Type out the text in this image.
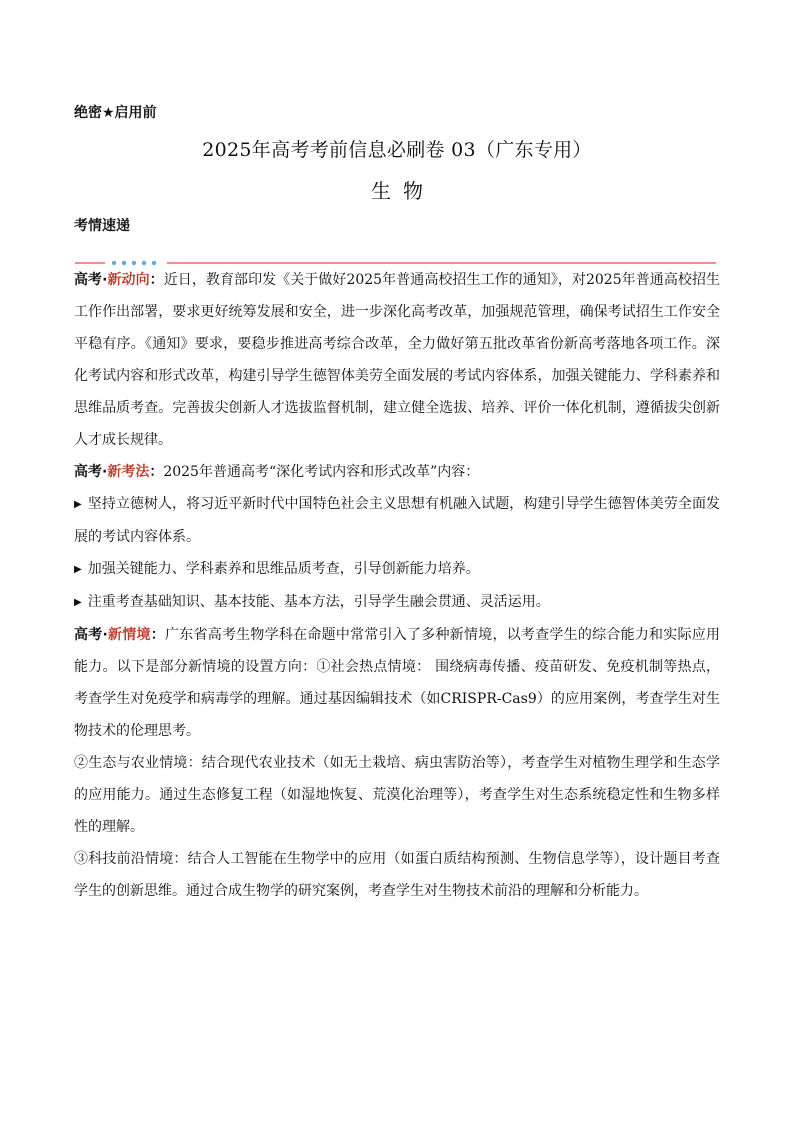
绝密★启用前
2025年高考考前信息必刷卷 03（广东专用）
生物
考情速递

高考·新动向：近日，教育部印发《关于做好2025年普通高校招生工作的通知》，对2025年普通高校招生工作作出部署，要求更好统筹发展和安全，进一步深化高考改革，加强规范管理，确保考试招生工作安全平稳有序。《通知》要求，要稳步推进高考综合改革，全力做好第五批改革省份新高考落地各项工作。深化考试内容和形式改革，构建引导学生德智体美劳全面发展的考试内容体系，加强关键能力、学科素养和思维品质考查。完善拔尖创新人才选拔监督机制，建立健全选拔、培养、评价一体化机制，遵循拔尖创新人才成长规律。

高考·新考法：2025年普通高考“深化考试内容和形式改革”内容：

▶ 坚持立德树人，将习近平新时代中国特色社会主义思想有机融入试题，构建引导学生德智体美劳全面发展的考试内容体系。

▶ 加强关键能力、学科素养和思维品质考查，引导创新能力培养。

▶ 注重考查基础知识、基本技能、基本方法，引导学生融会贯通、灵活运用。

高考·新情境：广东省高考生物学科在命题中常常引入了多种新情境，以考查学生的综合能力和实际应用能力。以下是部分新情境的设置方向：①社会热点情境： 围绕病毒传播、疫苗研发、免疫机制等热点，考查学生对免疫学和病毒学的理解。通过基因编辑技术（如CRISPR-Cas9）的应用案例，考查学生对生物技术的伦理思考。

②生态与农业情境：结合现代农业技术（如无土栽培、病虫害防治等），考查学生对植物生理学和生态学的应用能力。通过生态修复工程（如湿地恢复、荒漠化治理等），考查学生对生态系统稳定性和生物多样性的理解。

③科技前沿情境：结合人工智能在生物学中的应用（如蛋白质结构预测、生物信息学等），设计题目考查学生的创新思维。通过合成生物学的研究案例，考查学生对生物技术前沿的理解和分析能力。
